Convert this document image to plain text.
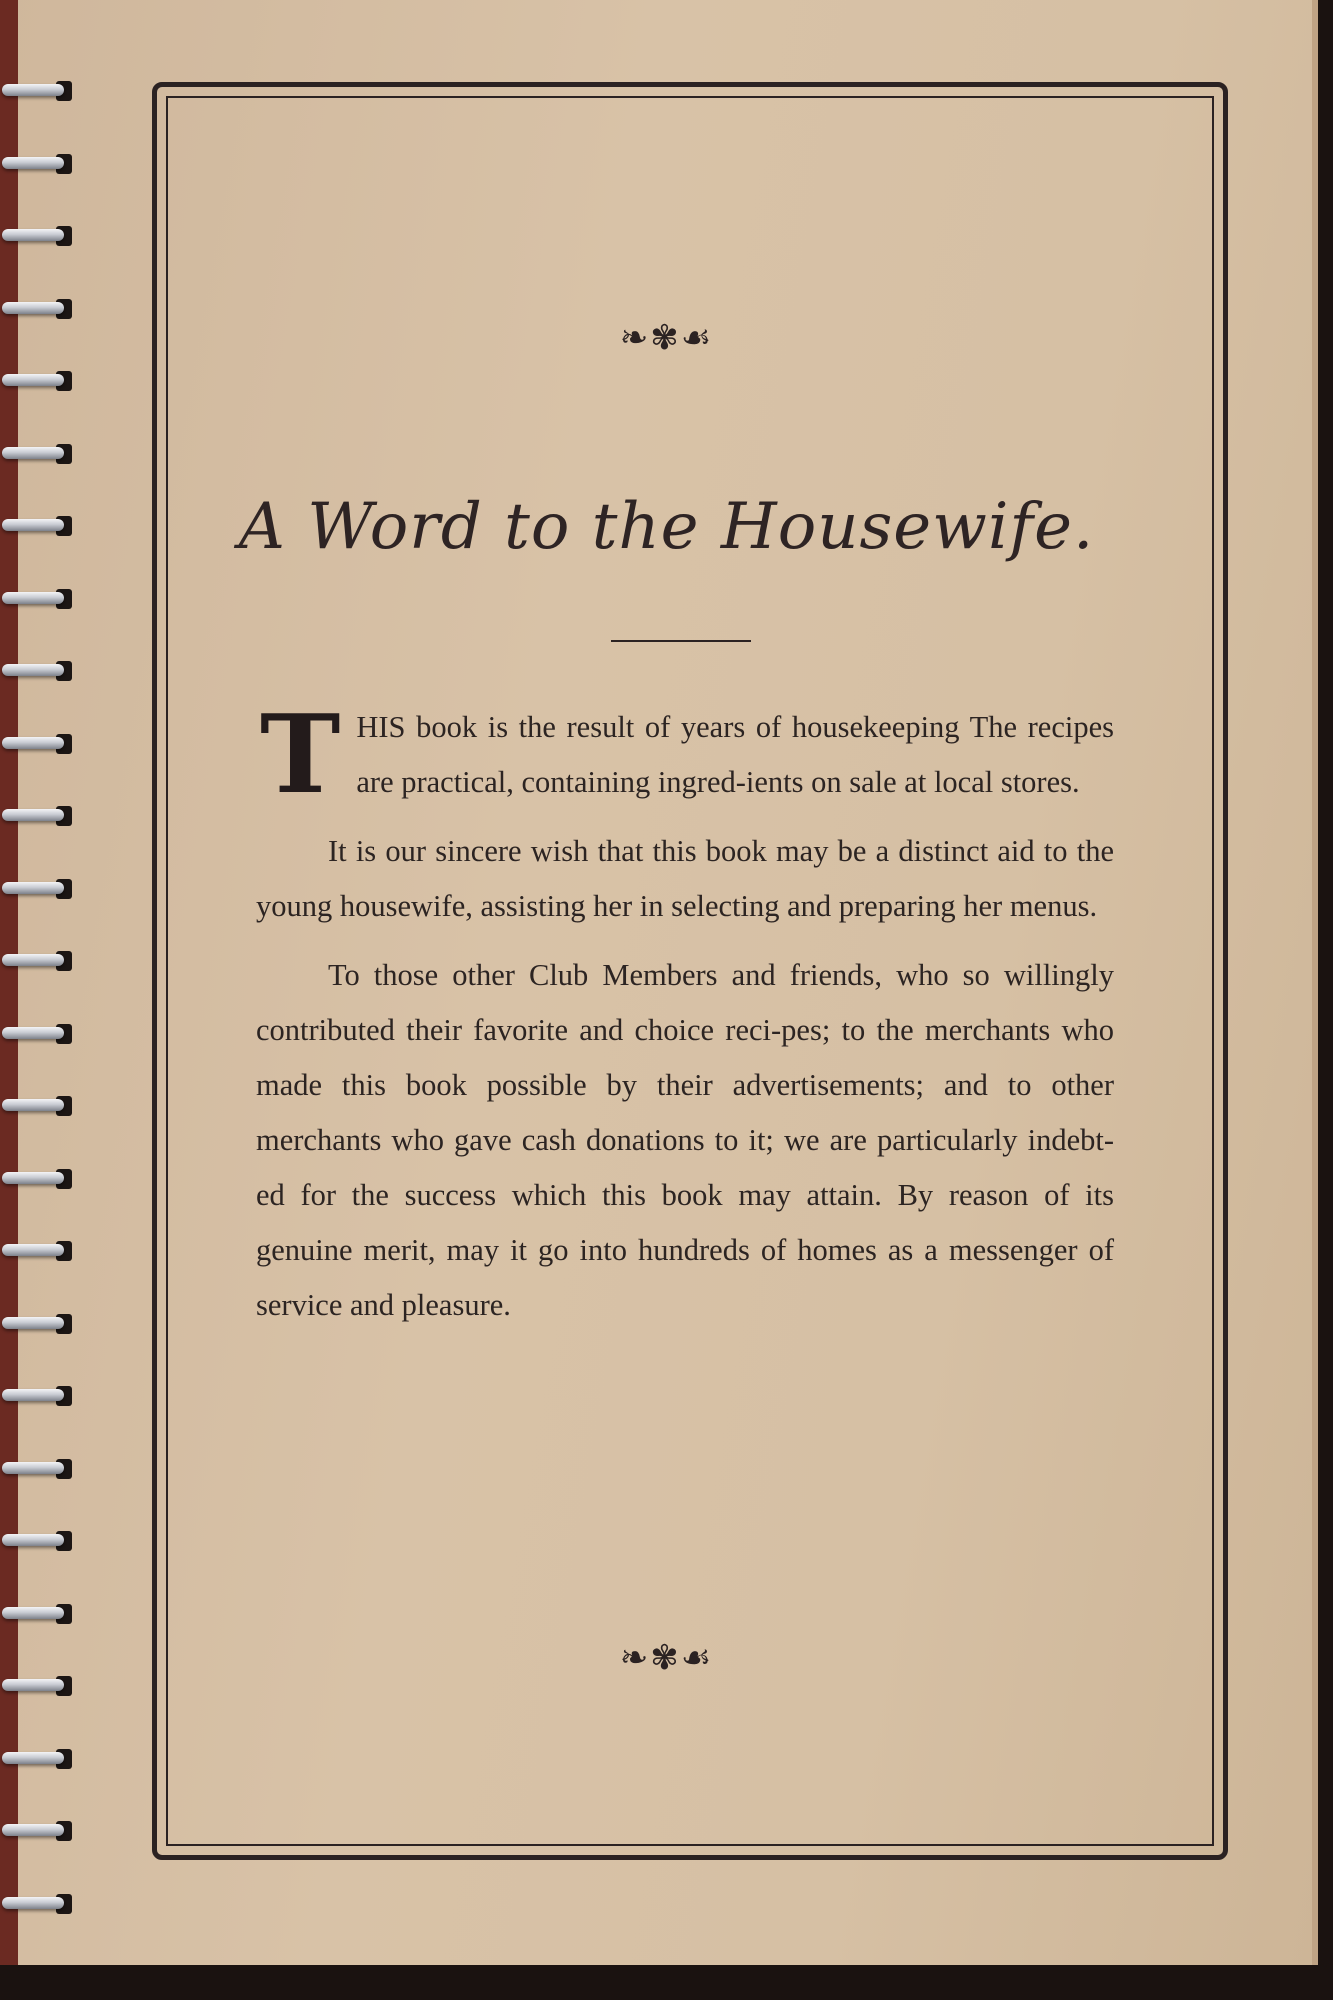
❧✾☙
A Word to the Housewife.

THIS book is the result of years of housekeeping The recipes are practical, containing ingred-ients on sale at local stores.

It is our sincere wish that this book may be a distinct aid to the young housewife, assisting her in selecting and preparing her menus.

To those other Club Members and friends, who so willingly contributed their favorite and choice reci-pes; to the merchants who made this book possible by their advertisements; and to other merchants who gave cash donations to it; we are particularly indebt-ed for the success which this book may attain. By reason of its genuine merit, may it go into hundreds of homes as a messenger of service and pleasure.

❧✾☙
